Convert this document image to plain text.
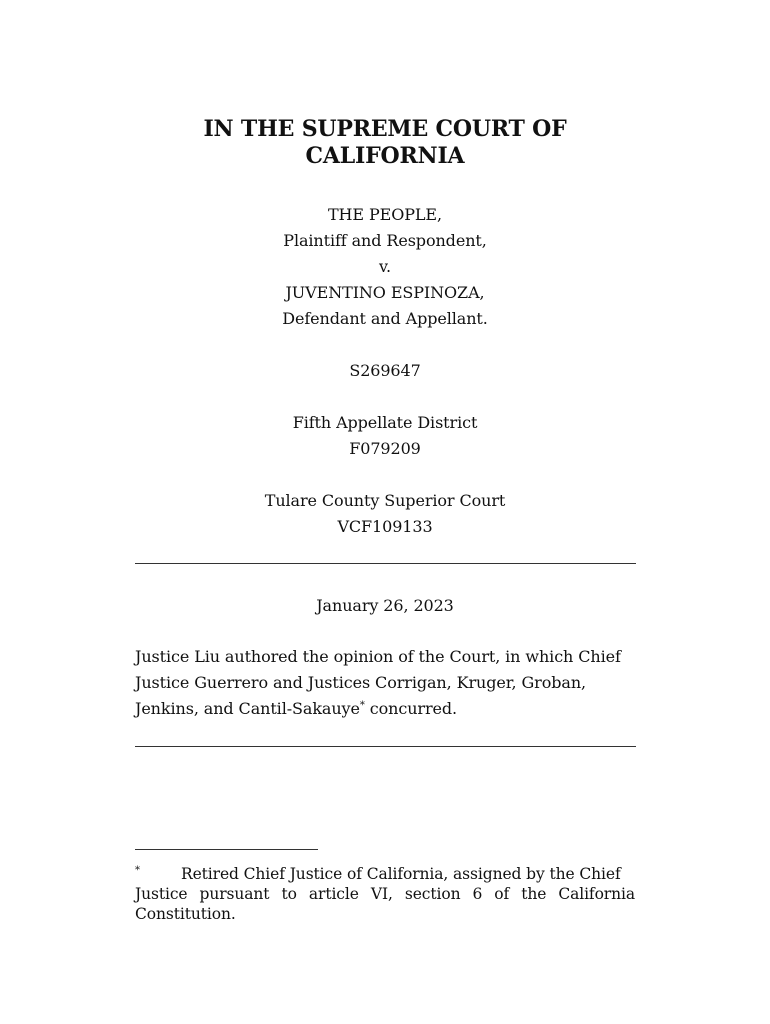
IN THE SUPREME COURT OF
CALIFORNIA
THE PEOPLE,
Plaintiff and Respondent,
v.
JUVENTINO ESPINOZA,
Defendant and Appellant.
S269647
Fifth Appellate District
F079209
Tulare County Superior Court
VCF109133
January 26, 2023
Justice Liu authored the opinion of the Court, in which Chief
Justice Guerrero and Justices Corrigan, Kruger, Groban,
Jenkins, and Cantil-Sakauye* concurred.
*	Retired Chief Justice of California, assigned by the Chief
Justice pursuant to article VI, section 6 of the California
Constitution.
